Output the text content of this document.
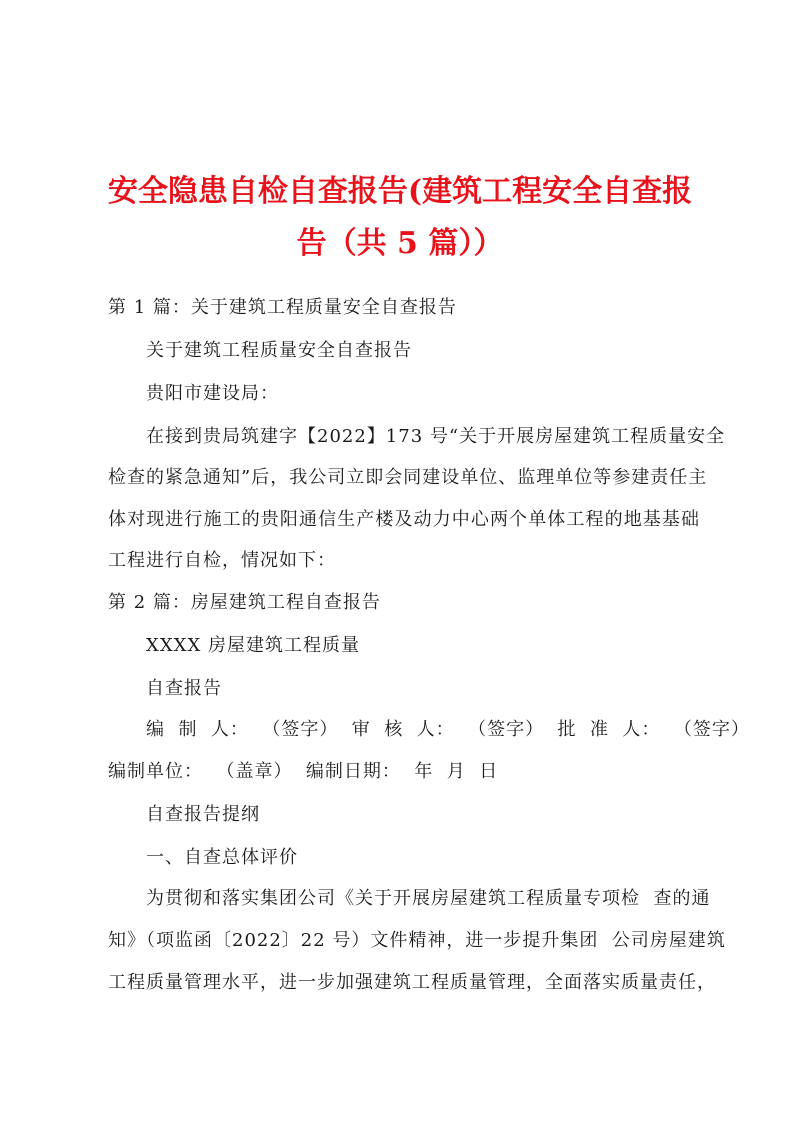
安全隐患自检自查报告(建筑工程安全自查报
告（共 5 篇））
第 1 篇：关于建筑工程质量安全自查报告
关于建筑工程质量安全自查报告
贵阳市建设局：
在接到贵局筑建字【2022】173 号“关于开展房屋建筑工程质量安全
检查的紧急通知”后，我公司立即会同建设单位、监理单位等参建责任主
体对现进行施工的贵阳通信生产楼及动力中心两个单体工程的地基基础
工程进行自检，情况如下：
第 2 篇：房屋建筑工程自查报告
XXXX 房屋建筑工程质量
自查报告
编  制  人：  （签字）  审  核  人：  （签字）  批  准  人：  （签字）
编制单位：  （盖章）  编制日期：  年  月  日
自查报告提纲
一、自查总体评价
为贯彻和落实集团公司《关于开展房屋建筑工程质量专项检  查的通
知》（项监函〔2022〕22 号）文件精神，进一步提升集团  公司房屋建筑
工程质量管理水平，进一步加强建筑工程质量管理，全面落实质量责任，
